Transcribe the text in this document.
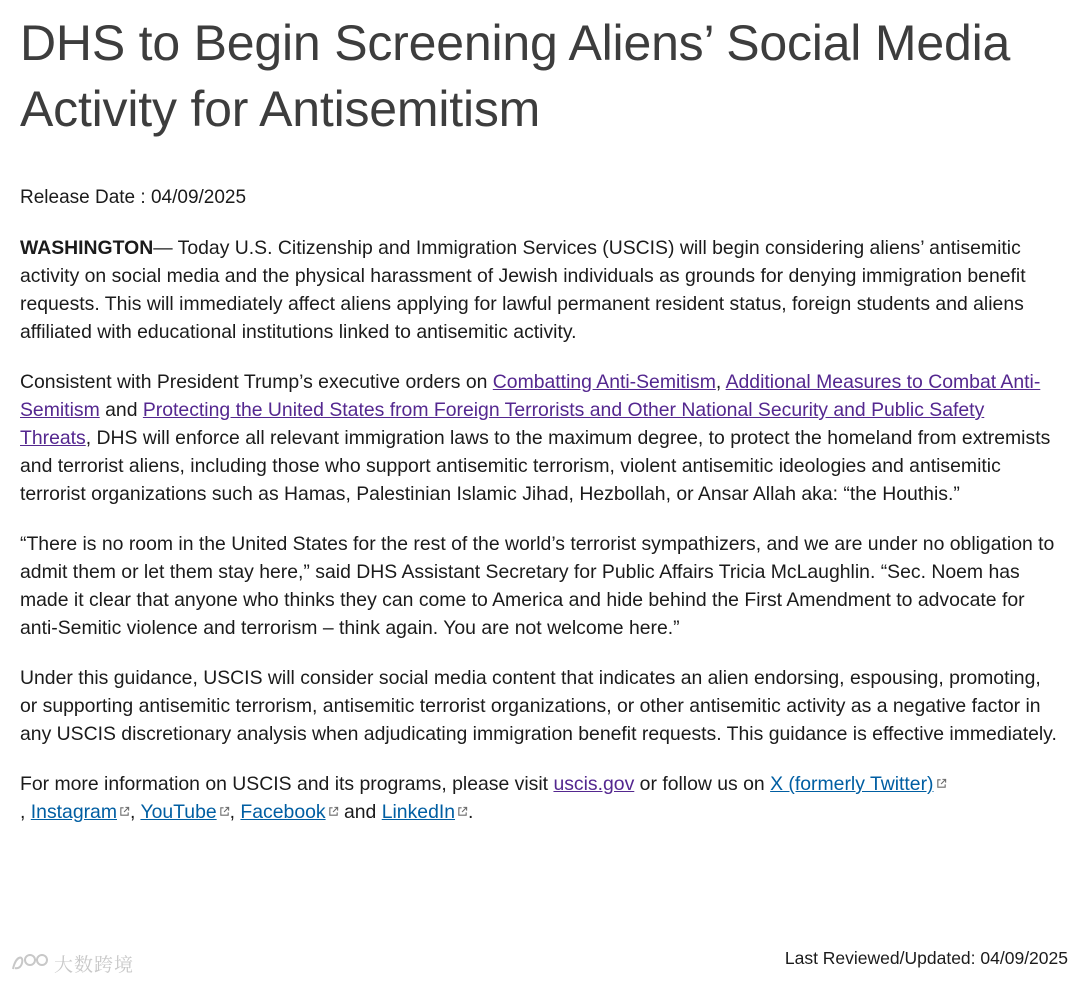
DHS to Begin Screening Aliens’ Social Media Activity for Antisemitism
Release Date : 04/09/2025

WASHINGTON— Today U.S. Citizenship and Immigration Services (USCIS) will begin considering aliens’ antisemitic activity on social media and the physical harassment of Jewish individuals as grounds for denying immigration benefit requests. This will immediately affect aliens applying for lawful permanent resident status, foreign students and aliens affiliated with educational institutions linked to antisemitic activity.

Consistent with President Trump’s executive orders on Combatting Anti-Semitism, Additional Measures to Combat Anti-Semitism and Protecting the United States from Foreign Terrorists and Other National Security and Public Safety Threats, DHS will enforce all relevant immigration laws to the maximum degree, to protect the homeland from extremists and terrorist aliens, including those who support antisemitic terrorism, violent antisemitic ideologies and antisemitic terrorist organizations such as Hamas, Palestinian Islamic Jihad, Hezbollah, or Ansar Allah aka: “the Houthis.”

“There is no room in the United States for the rest of the world’s terrorist sympathizers, and we are under no obligation to admit them or let them stay here,” said DHS Assistant Secretary for Public Affairs Tricia McLaughlin. “Sec. Noem has made it clear that anyone who thinks they can come to America and hide behind the First Amendment to advocate for anti-Semitic violence and terrorism – think again. You are not welcome here.”

Under this guidance, USCIS will consider social media content that indicates an alien endorsing, espousing, promoting, or supporting antisemitic terrorism, antisemitic terrorist organizations, or other antisemitic activity as a negative factor in any USCIS discretionary analysis when adjudicating immigration benefit requests. This guidance is effective immediately.

For more information on USCIS and its programs, please visit uscis.gov or follow us on X (formerly Twitter)
, Instagram , YouTube , Facebook and LinkedIn .

大数跨境	Last Reviewed/Updated: 04/09/2025
